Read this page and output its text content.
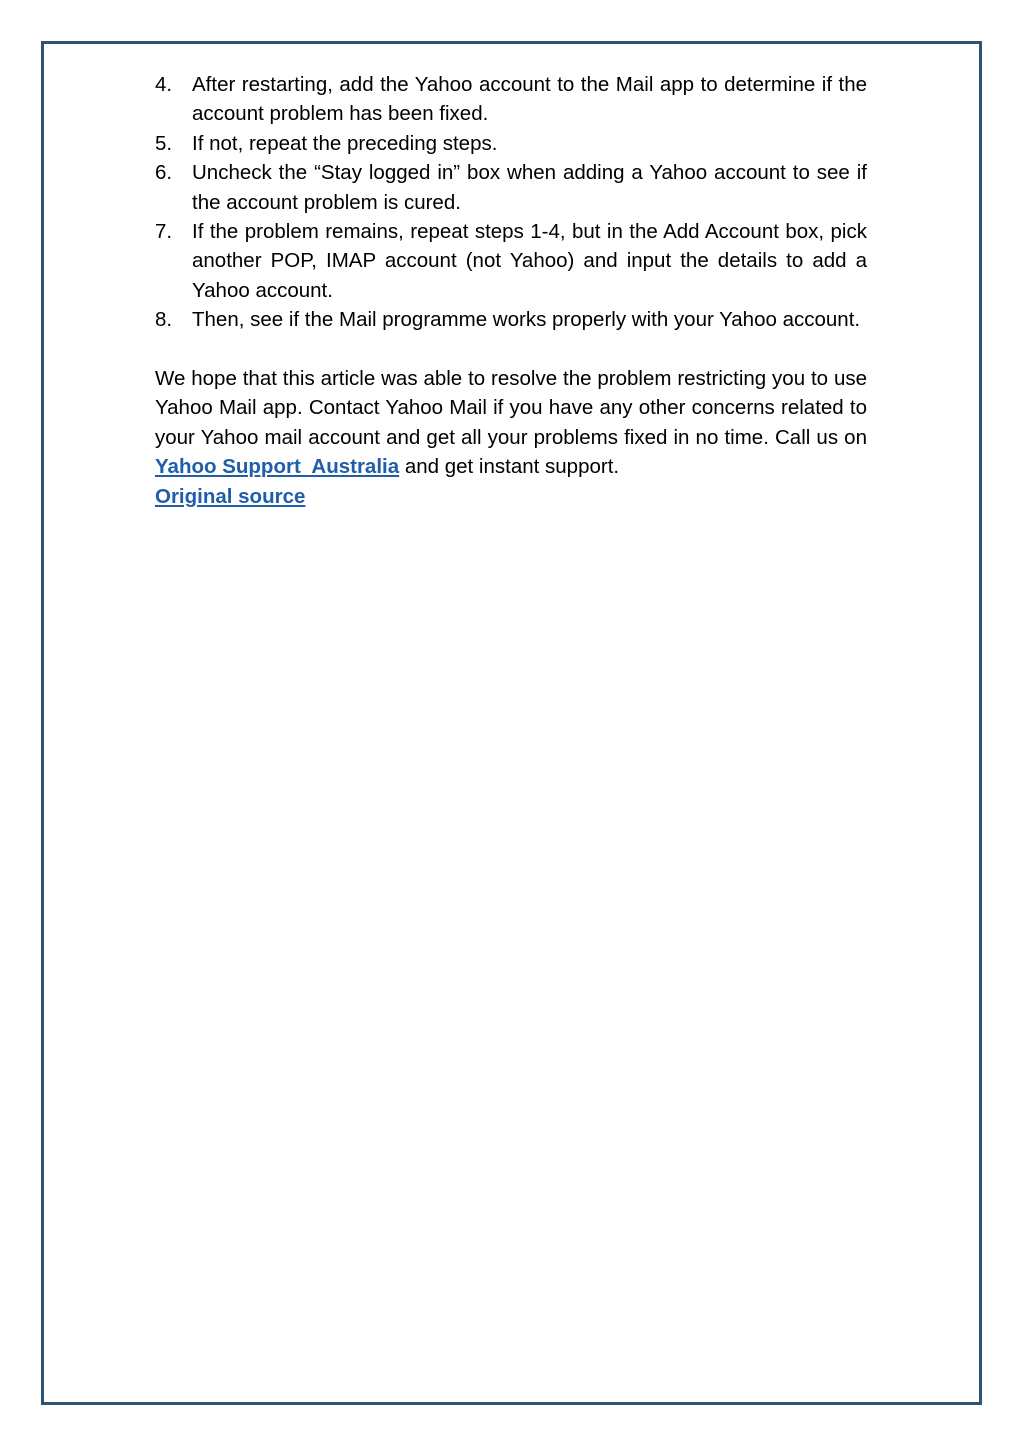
4. After restarting, add the Yahoo account to the Mail app to determine if the account problem has been fixed.
5. If not, repeat the preceding steps.
6. Uncheck the “Stay logged in” box when adding a Yahoo account to see if the account problem is cured.
7. If the problem remains, repeat steps 1-4, but in the Add Account box, pick another POP, IMAP account (not Yahoo) and input the details to add a Yahoo account.
8. Then, see if the Mail programme works properly with your Yahoo account.

We hope that this article was able to resolve the problem restricting you to use Yahoo Mail app. Contact Yahoo Mail if you have any other concerns related to your Yahoo mail account and get all your problems fixed in no time. Call us on Yahoo Support  Australia and get instant support.

Original source
